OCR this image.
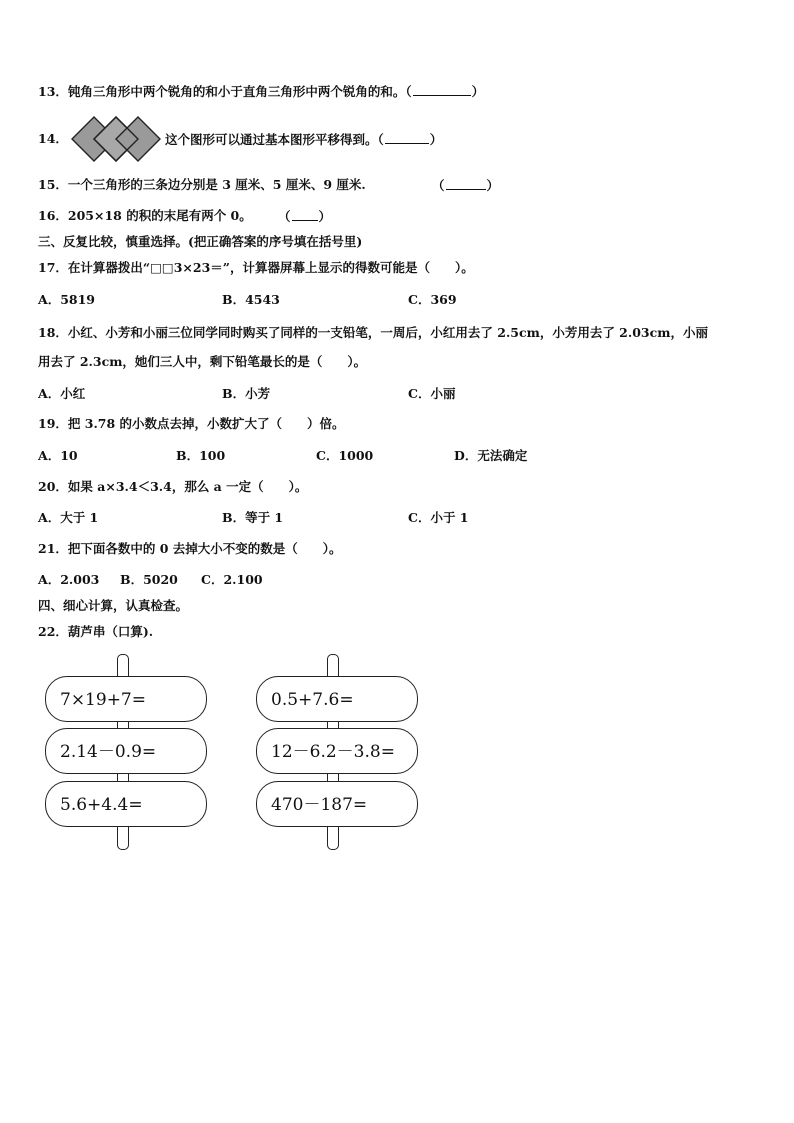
13．钝角三角形中两个锐角的和小于直角三角形中两个锐角的和。（	）
14．	这个图形可以通过基本图形平移得到。（	）
15．一个三角形的三条边分别是 3 厘米、5 厘米、9 厘米.	（	）
16．205×18 的积的末尾有两个 0。 （ ）
三、反复比较，慎重选择。(把正确答案的序号填在括号里)
17．在计算器拨出“□□3×23＝”，计算器屏幕上显示的得数可能是（　　）。
A．5819	B．4543	C．369
18．小红、小芳和小丽三位同学同时购买了同样的一支铅笔，一周后，小红用去了 2.5cm，小芳用去了 2.03cm，小丽
用去了 2.3cm，她们三人中，剩下铅笔最长的是（　　）。
A．小红	B．小芳	C．小丽
19．把 3.78 的小数点去掉，小数扩大了（　　）倍。
A．10	B．100	C．1000	D．无法确定
20．如果 a×3.4＜3.4，那么 a 一定（　　）。
A．大于 1	B．等于 1	C．小于 1
21．把下面各数中的 0 去掉大小不变的数是（　　）。
A．2.003 B．5020 C．2.100
四、细心计算，认真检查。
22．葫芦串（口算).
7×19+7=
2.14－0.9=
5.6+4.4=
0.5+7.6=
12－6.2－3.8=
470－187=
